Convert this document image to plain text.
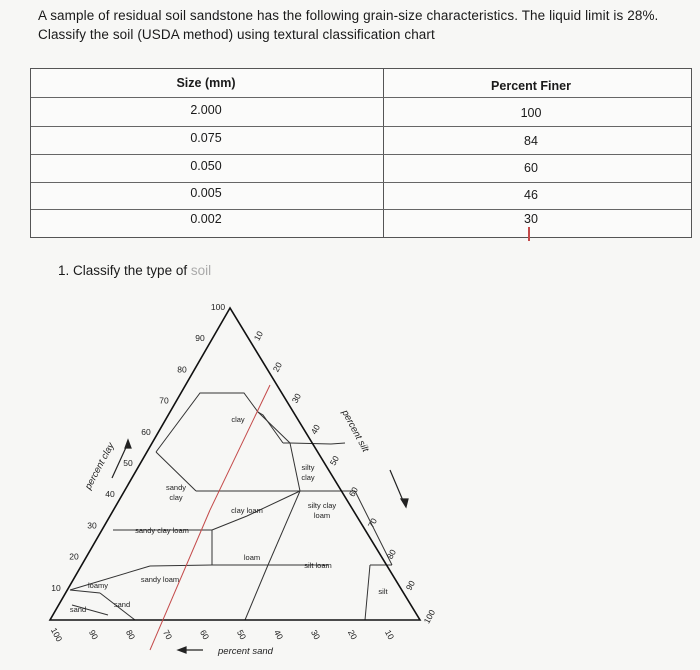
A sample of residual soil sandstone has the following grain-size characteristics. The liquid limit is 28%. Classify the soil (USDA method) using textural classification chart
Size (mm)	Percent Finer
2.000	100
0.075	84
0.050	60
0.005	46
0.002	30
1. Classify the type of soil
100
90
80
70
60
50
40
30
20
10
10
20
30
40
50
60
70
80
90
100
100	90	80	70	60	50	40	30	20	10
percent clay
percent silt
percent sand
clay
silty
clay
sandy
clay
silty clay
loam
clay loam
sandy clay loam
loam
silt loam
silt
sandy loam
loamy
sand
sand
